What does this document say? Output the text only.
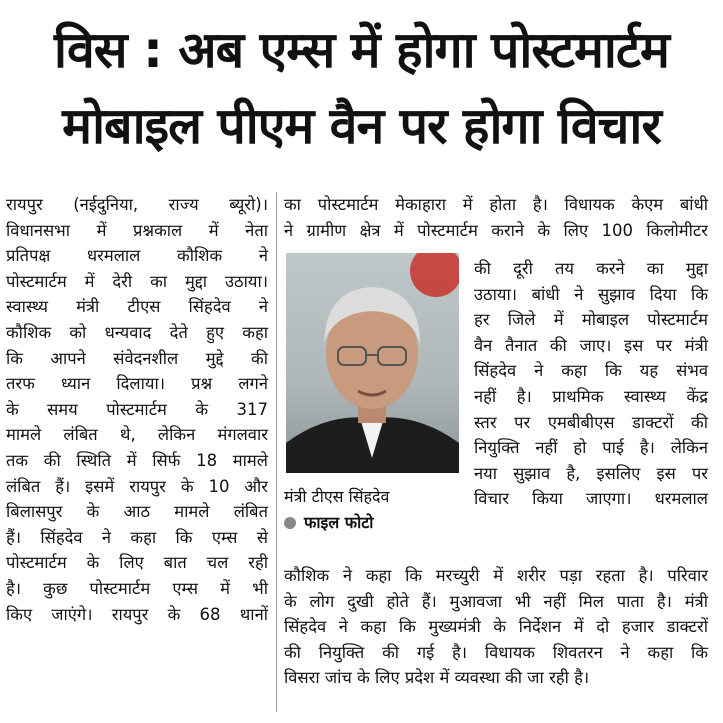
विस : अब एम्स में होगा पोस्टमार्टम
मोबाइल पीएम वैन पर होगा विचार

रायपुर (नईदुनिया, राज्य ब्यूरो)।

विधानसभा में प्रश्नकाल में नेता

प्रतिपक्ष धरमलाल कौशिक ने

पोस्टमार्टम में देरी का मुद्दा उठाया।

स्वास्थ्य मंत्री टीएस सिंहदेव ने

कौशिक को धन्यवाद देते हुए कहा

कि आपने संवेदनशील मुद्दे की

तरफ ध्यान दिलाया। प्रश्न लगने

के समय पोस्टमार्टम के 317

मामले लंबित थे, लेकिन मंगलवार

तक की स्थिति में सिर्फ 18 मामले

लंबित हैं। इसमें रायपुर के 10 और

बिलासपुर के आठ मामले लंबित

हैं। सिंहदेव ने कहा कि एम्स से

पोस्टमार्टम के लिए बात चल रही

है। कुछ पोस्टमार्टम एम्स में भी

किए जाएंगे। रायपुर के 68 थानों

का पोस्टमार्टम मेकाहारा में होता है। विधायक केएम बांधी

ने ग्रामीण क्षेत्र में पोस्टमार्टम कराने के लिए 100 किलोमीटर

मंत्री टीएस सिंहदेव
फाइल फोटो

की दूरी तय करने का मुद्दा

उठाया। बांधी ने सुझाव दिया कि

हर जिले में मोबाइल पोस्टमार्टम

वैन तैनात की जाए। इस पर मंत्री

सिंहदेव ने कहा कि यह संभव

नहीं है। प्राथमिक स्वास्थ्य केंद्र

स्तर पर एमबीबीएस डाक्टरों की

नियुक्ति नहीं हो पाई है। लेकिन

नया सुझाव है, इसलिए इस पर

विचार किया जाएगा। धरमलाल

कौशिक ने कहा कि मरच्युरी में शरीर पड़ा रहता है। परिवार

के लोग दुखी होते हैं। मुआवजा भी नहीं मिल पाता है। मंत्री

सिंहदेव ने कहा कि मुख्यमंत्री के निर्देशन में दो हजार डाक्टरों

की नियुक्ति की गई है। विधायक शिवतरन ने कहा कि

विसरा जांच के लिए प्रदेश में व्यवस्था की जा रही है।
